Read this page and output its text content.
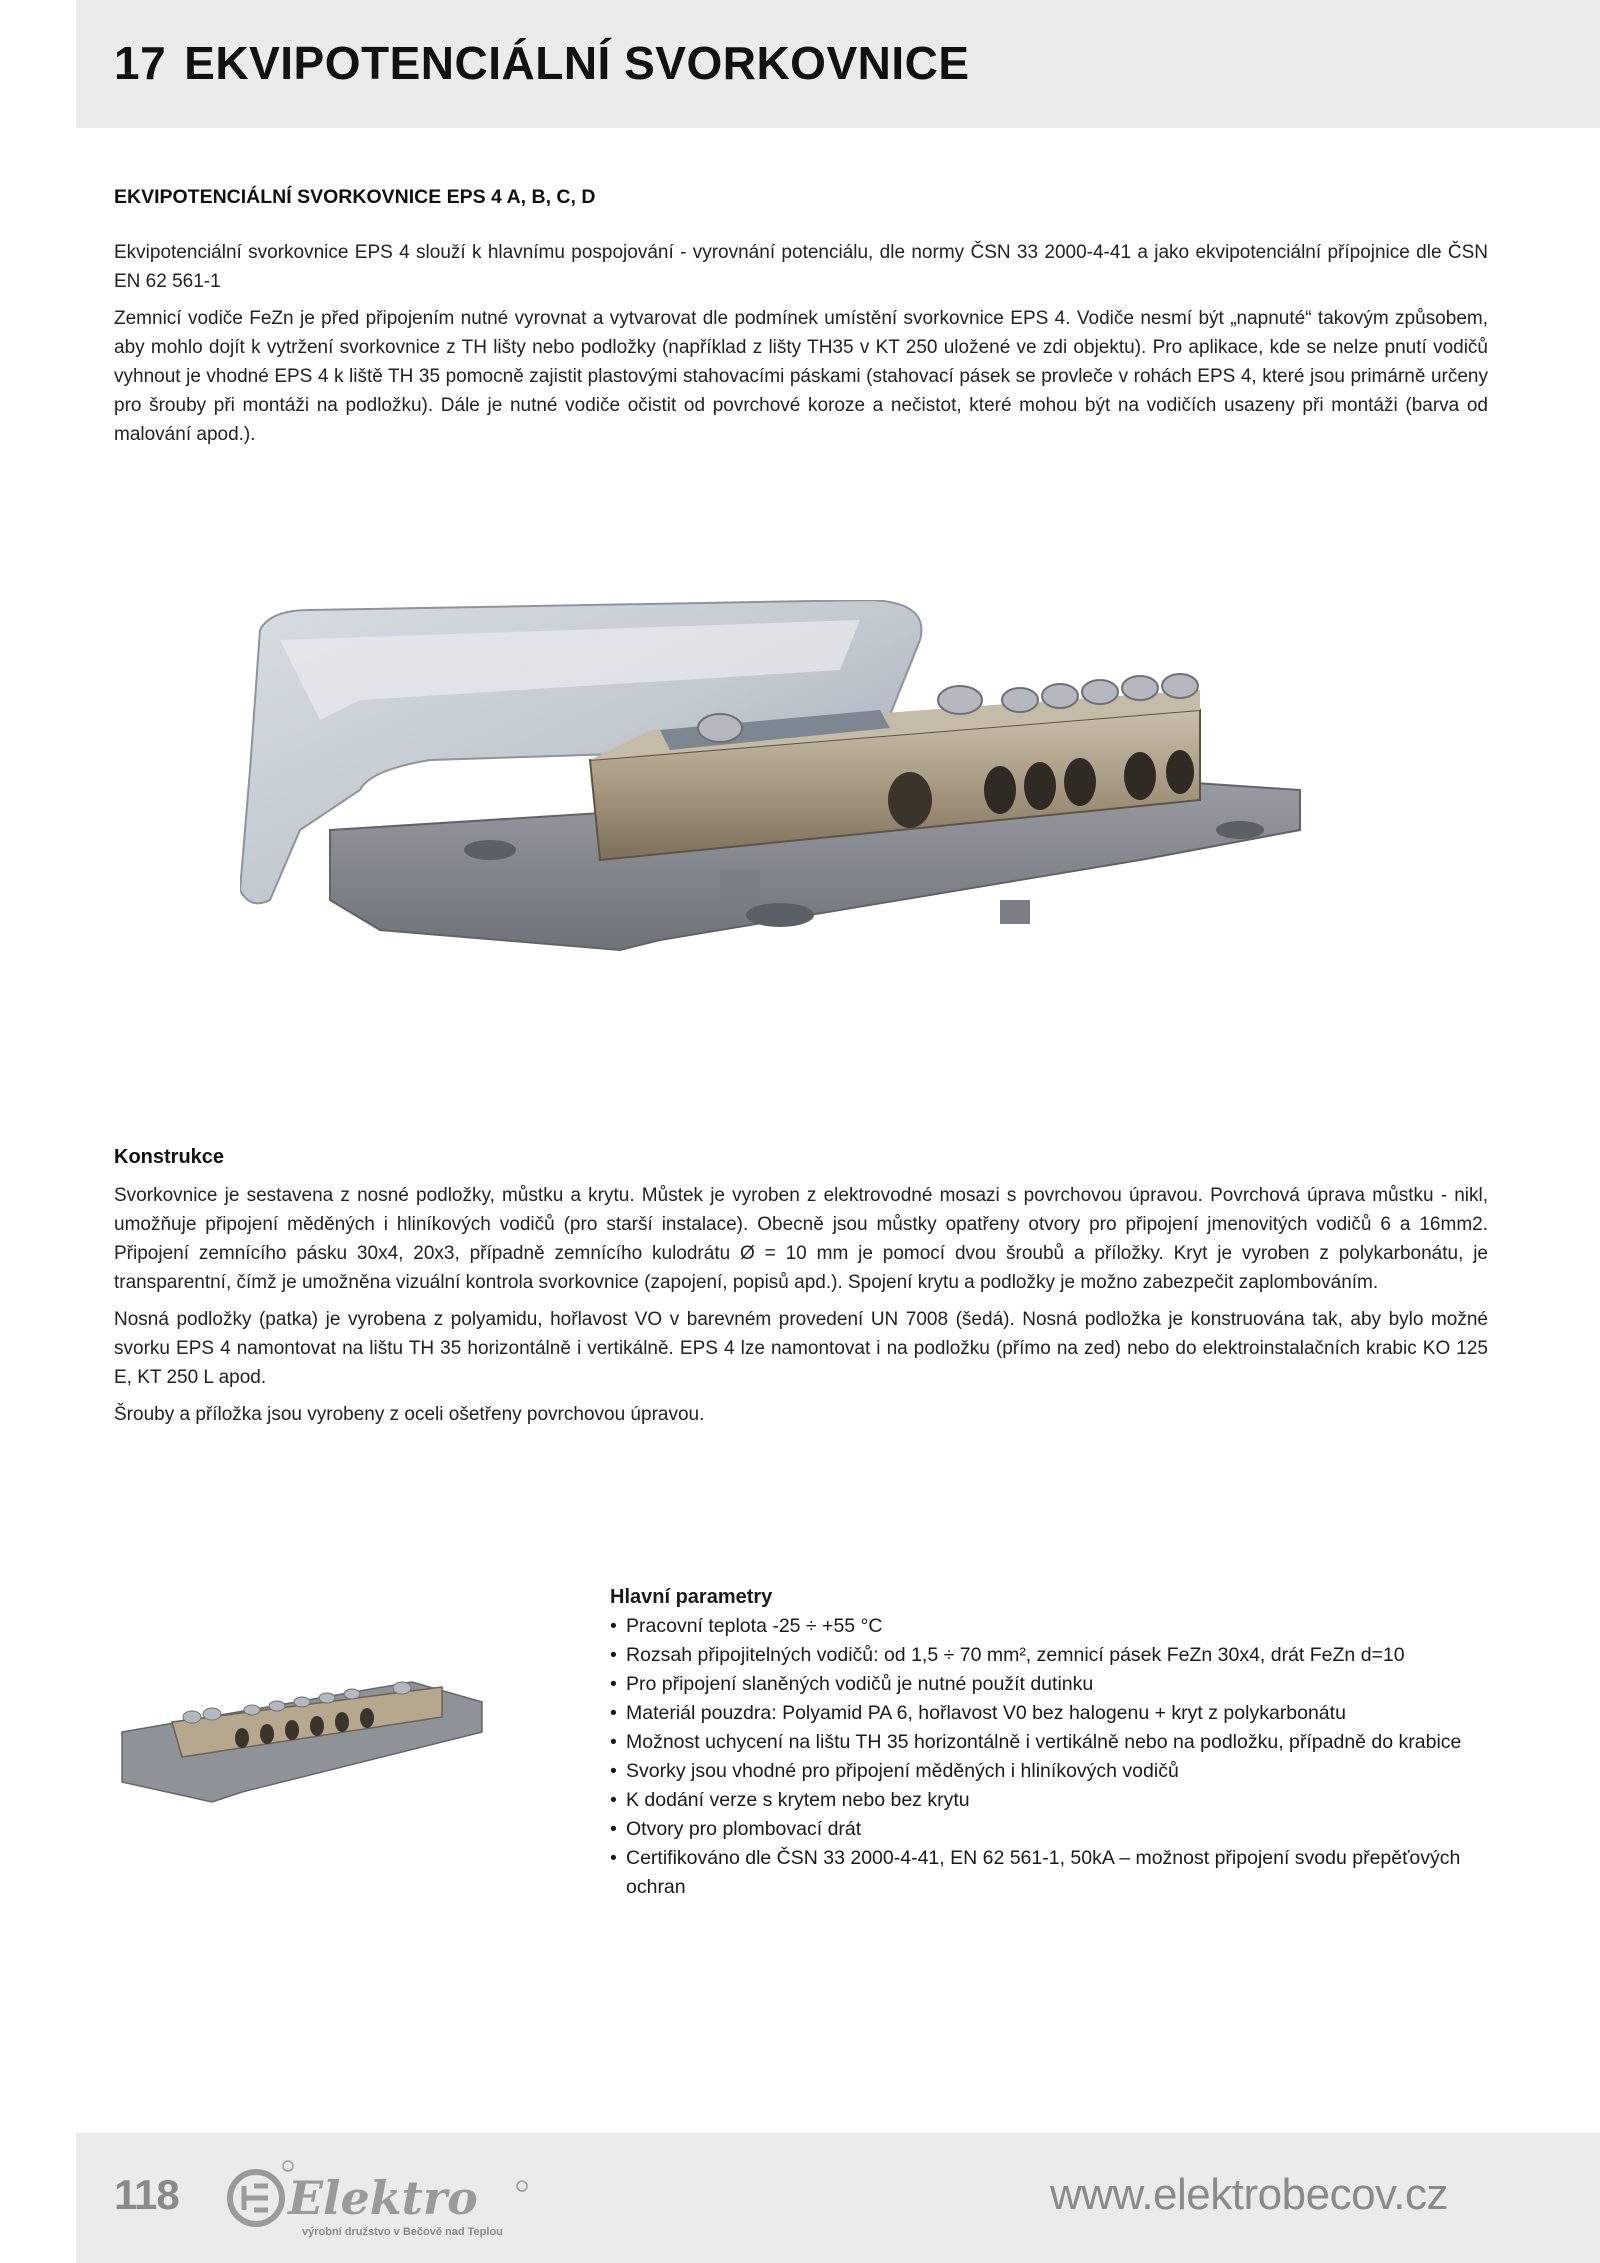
17 EKVIPOTENCIÁLNÍ SVORKOVNICE
EKVIPOTENCIÁLNÍ SVORKOVNICE EPS 4 A, B, C, D

Ekvipotenciální svorkovnice EPS 4 slouží k hlavnímu pospojování - vyrovnání potenciálu, dle normy ČSN 33 2000-4-41 a jako ekvipotenciální přípojnice dle ČSN EN 62 561-1

Zemnicí vodiče FeZn je před připojením nutné vyrovnat a vytvarovat dle podmínek umístění svorkovnice EPS 4. Vodiče nesmí být „napnuté“ takovým způsobem, aby mohlo dojít k vytržení svorkovnice z TH lišty nebo podložky (například z lišty TH35 v KT 250 uložené ve zdi objektu). Pro aplikace, kde se nelze pnutí vodičů vyhnout je vhodné EPS 4 k liště TH 35 pomocně zajistit plastovými stahovacími páskami (stahovací pásek se provleče v rohách EPS 4, které jsou primárně určeny pro šrouby při montáži na podložku). Dále je nutné vodiče očistit od povrchové koroze a nečistot, které mohou být na vodičích usazeny při montáži (barva od malování apod.).

Konstrukce

Svorkovnice je sestavena z nosné podložky, můstku a krytu. Můstek je vyroben z elektrovodné mosazi s povrchovou úpravou. Povrchová úprava můstku - nikl, umožňuje připojení měděných i hliníkových vodičů (pro starší instalace). Obecně jsou můstky opatřeny otvory pro připojení jmenovitých vodičů 6 a 16mm2. Připojení zemnícího pásku 30x4, 20x3, případně zemnícího kulodrátu Ø = 10 mm je pomocí dvou šroubů a příložky. Kryt je vyroben z polykarbonátu, je transparentní, čímž je umožněna vizuální kontrola svorkovnice (zapojení, popisů apd.). Spojení krytu a podložky je možno zabezpečit zaplombováním.

Nosná podložky (patka) je vyrobena z polyamidu, hořlavost VO v barevném provedení UN 7008 (šedá). Nosná podložka je konstruována tak, aby bylo možné svorku EPS 4 namontovat na lištu TH 35 horizontálně i vertikálně. EPS 4 lze namontovat i na podložku (přímo na zed) nebo do elektroinstalačních krabic KO 125 E, KT 250 L apod.

Šrouby a příložka jsou vyrobeny z oceli ošetřeny povrchovou úpravou.

Hlavní parametry
• Pracovní teplota -25 ÷ +55 °C
• Rozsah připojitelných vodičů: od 1,5 ÷ 70 mm², zemnicí pásek FeZn 30x4, drát FeZn d=10
• Pro připojení slaněných vodičů je nutné použít dutinku
• Materiál pouzdra: Polyamid PA 6, hořlavost V0 bez halogenu + kryt z polykarbonátu
• Možnost uchycení na lištu TH 35 horizontálně i vertikálně nebo na podložku, případně do krabice
• Svorky jsou vhodné pro připojení měděných i hliníkových vodičů
• K dodání verze s krytem nebo bez krytu
• Otvory pro plombovací drát
• Certifikováno dle ČSN 33 2000-4-41, EN 62 561-1, 50kA – možnost připojení svodu přepěťových ochran
118 Elektro
výrobní družstvo v Bečově nad Teplou
www.elektrobecov.cz
